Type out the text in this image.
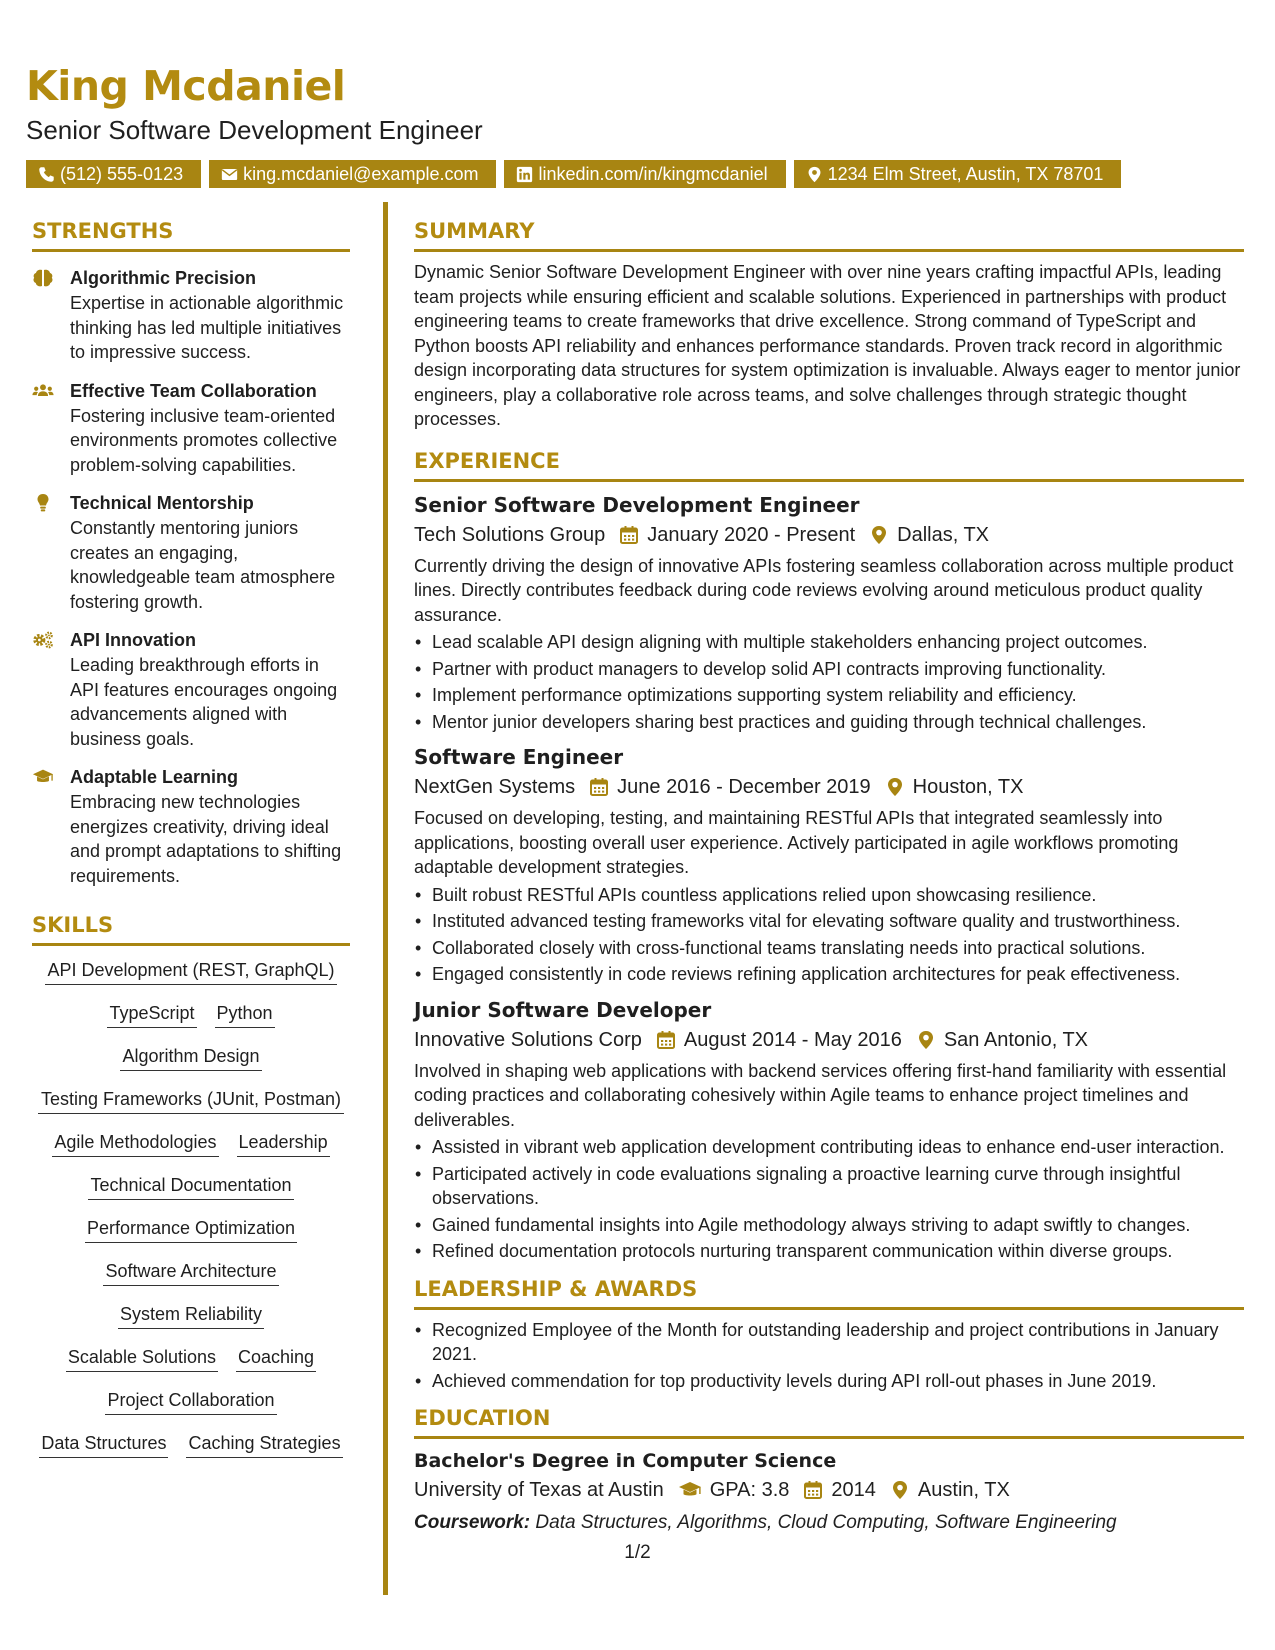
King Mcdaniel
Senior Software Development Engineer
(512) 555-0123	king.mcdaniel@example.com	linkedin.com/in/kingmcdaniel	1234 Elm Street, Austin, TX 78701
STRENGTHS
Algorithmic Precision
Expertise in actionable algorithmic thinking has led multiple initiatives to impressive success.
Effective Team Collaboration
Fostering inclusive team-oriented environments promotes collective problem-solving capabilities.
Technical Mentorship
Constantly mentoring juniors creates an engaging, knowledgeable team atmosphere fostering growth.
API Innovation
Leading breakthrough efforts in API features encourages ongoing advancements aligned with business goals.
Adaptable Learning
Embracing new technologies energizes creativity, driving ideal and prompt adaptations to shifting requirements.
SKILLS
API Development (REST, GraphQL)
TypeScript Python
Algorithm Design
Testing Frameworks (JUnit, Postman)
Agile Methodologies Leadership
Technical Documentation
Performance Optimization
Software Architecture
System Reliability
Scalable Solutions Coaching
Project Collaboration
Data Structures Caching Strategies
SUMMARY
Dynamic Senior Software Development Engineer with over nine years crafting impactful APIs, leading team projects while ensuring efficient and scalable solutions. Experienced in partnerships with product engineering teams to create frameworks that drive excellence. Strong command of TypeScript and Python boosts API reliability and enhances performance standards. Proven track record in algorithmic design incorporating data structures for system optimization is invaluable. Always eager to mentor junior engineers, play a collaborative role across teams, and solve challenges through strategic thought processes.
EXPERIENCE
Senior Software Development Engineer
Tech Solutions Group January 2020 - Present Dallas, TX
Currently driving the design of innovative APIs fostering seamless collaboration across multiple product lines. Directly contributes feedback during code reviews evolving around meticulous product quality assurance.
• Lead scalable API design aligning with multiple stakeholders enhancing project outcomes.
• Partner with product managers to develop solid API contracts improving functionality.
• Implement performance optimizations supporting system reliability and efficiency.
• Mentor junior developers sharing best practices and guiding through technical challenges.
Software Engineer
NextGen Systems June 2016 - December 2019 Houston, TX
Focused on developing, testing, and maintaining RESTful APIs that integrated seamlessly into applications, boosting overall user experience. Actively participated in agile workflows promoting adaptable development strategies.
• Built robust RESTful APIs countless applications relied upon showcasing resilience.
• Instituted advanced testing frameworks vital for elevating software quality and trustworthiness.
• Collaborated closely with cross-functional teams translating needs into practical solutions.
• Engaged consistently in code reviews refining application architectures for peak effectiveness.
Junior Software Developer
Innovative Solutions Corp August 2014 - May 2016 San Antonio, TX
Involved in shaping web applications with backend services offering first-hand familiarity with essential coding practices and collaborating cohesively within Agile teams to enhance project timelines and deliverables.
• Assisted in vibrant web application development contributing ideas to enhance end-user interaction.
• Participated actively in code evaluations signaling a proactive learning curve through insightful observations.
• Gained fundamental insights into Agile methodology always striving to adapt swiftly to changes.
• Refined documentation protocols nurturing transparent communication within diverse groups.
LEADERSHIP & AWARDS
• Recognized Employee of the Month for outstanding leadership and project contributions in January 2021.
• Achieved commendation for top productivity levels during API roll-out phases in June 2019.
EDUCATION
Bachelor's Degree in Computer Science
University of Texas at Austin GPA: 3.8 2014 Austin, TX
Coursework: Data Structures, Algorithms, Cloud Computing, Software Engineering
1/2
